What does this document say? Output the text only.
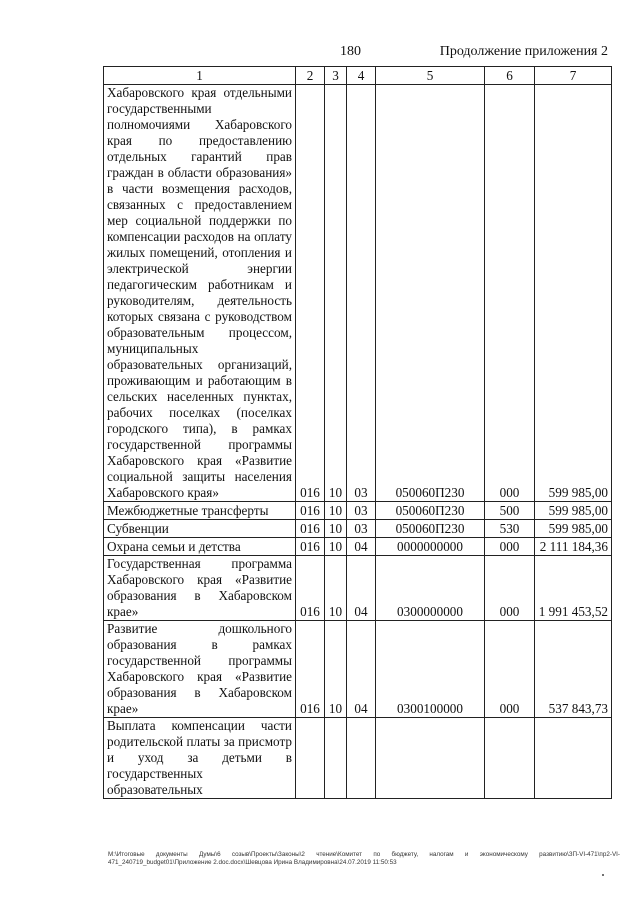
180	Продолжение приложения 2
1	2	3	4	5	6	7
Хабаровского края отдельными государственными полномочиями Хабаровского края по предоставлению отдельных гарантий прав граждан в области образования» в части возмещения расходов, связанных с предоставлением мер социальной поддержки по компенсации расходов на оплату жилых помещений, отопления и электрической энергии педагогическим работникам и руководителям, деятельность которых связана с руководством образовательным процессом, муниципальных образовательных организаций, проживающим и работающим в сельских населенных пунктах, рабочих поселках (поселках городского типа), в рамках государственной программы Хабаровского края «Развитие социальной защиты населения Хабаровского края»	016	10	03	050060П230	000	599 985,00
Межбюджетные трансферты	016	10	03	050060П230	500	599 985,00
Субвенции	016	10	03	050060П230	530	599 985,00
Охрана семьи и детства	016	10	04	0000000000	000	2 111 184,36
Государственная программа Хабаровского края «Развитие образования в Хабаровском крае»	016	10	04	0300000000	000	1 991 453,52
Развитие дошкольного образования в рамках государственной программы Хабаровского края «Развитие образования в Хабаровском крае»	016	10	04	0300100000	000	537 843,73
Выплата компенсации части родительской платы за присмотр и уход за детьми в государственных образовательных						
M:\Итоговые документы Думы\6 созыв\Проекты\Законы\2 чтение\Комитет по бюджету, налогам и экономическому развитию\ЗП-VI-471\пр2-VI-471_240719_budget01\Приложение 2.doc.docx\Шевцова Ирина Владимировна\24.07.2019 11:50:53
